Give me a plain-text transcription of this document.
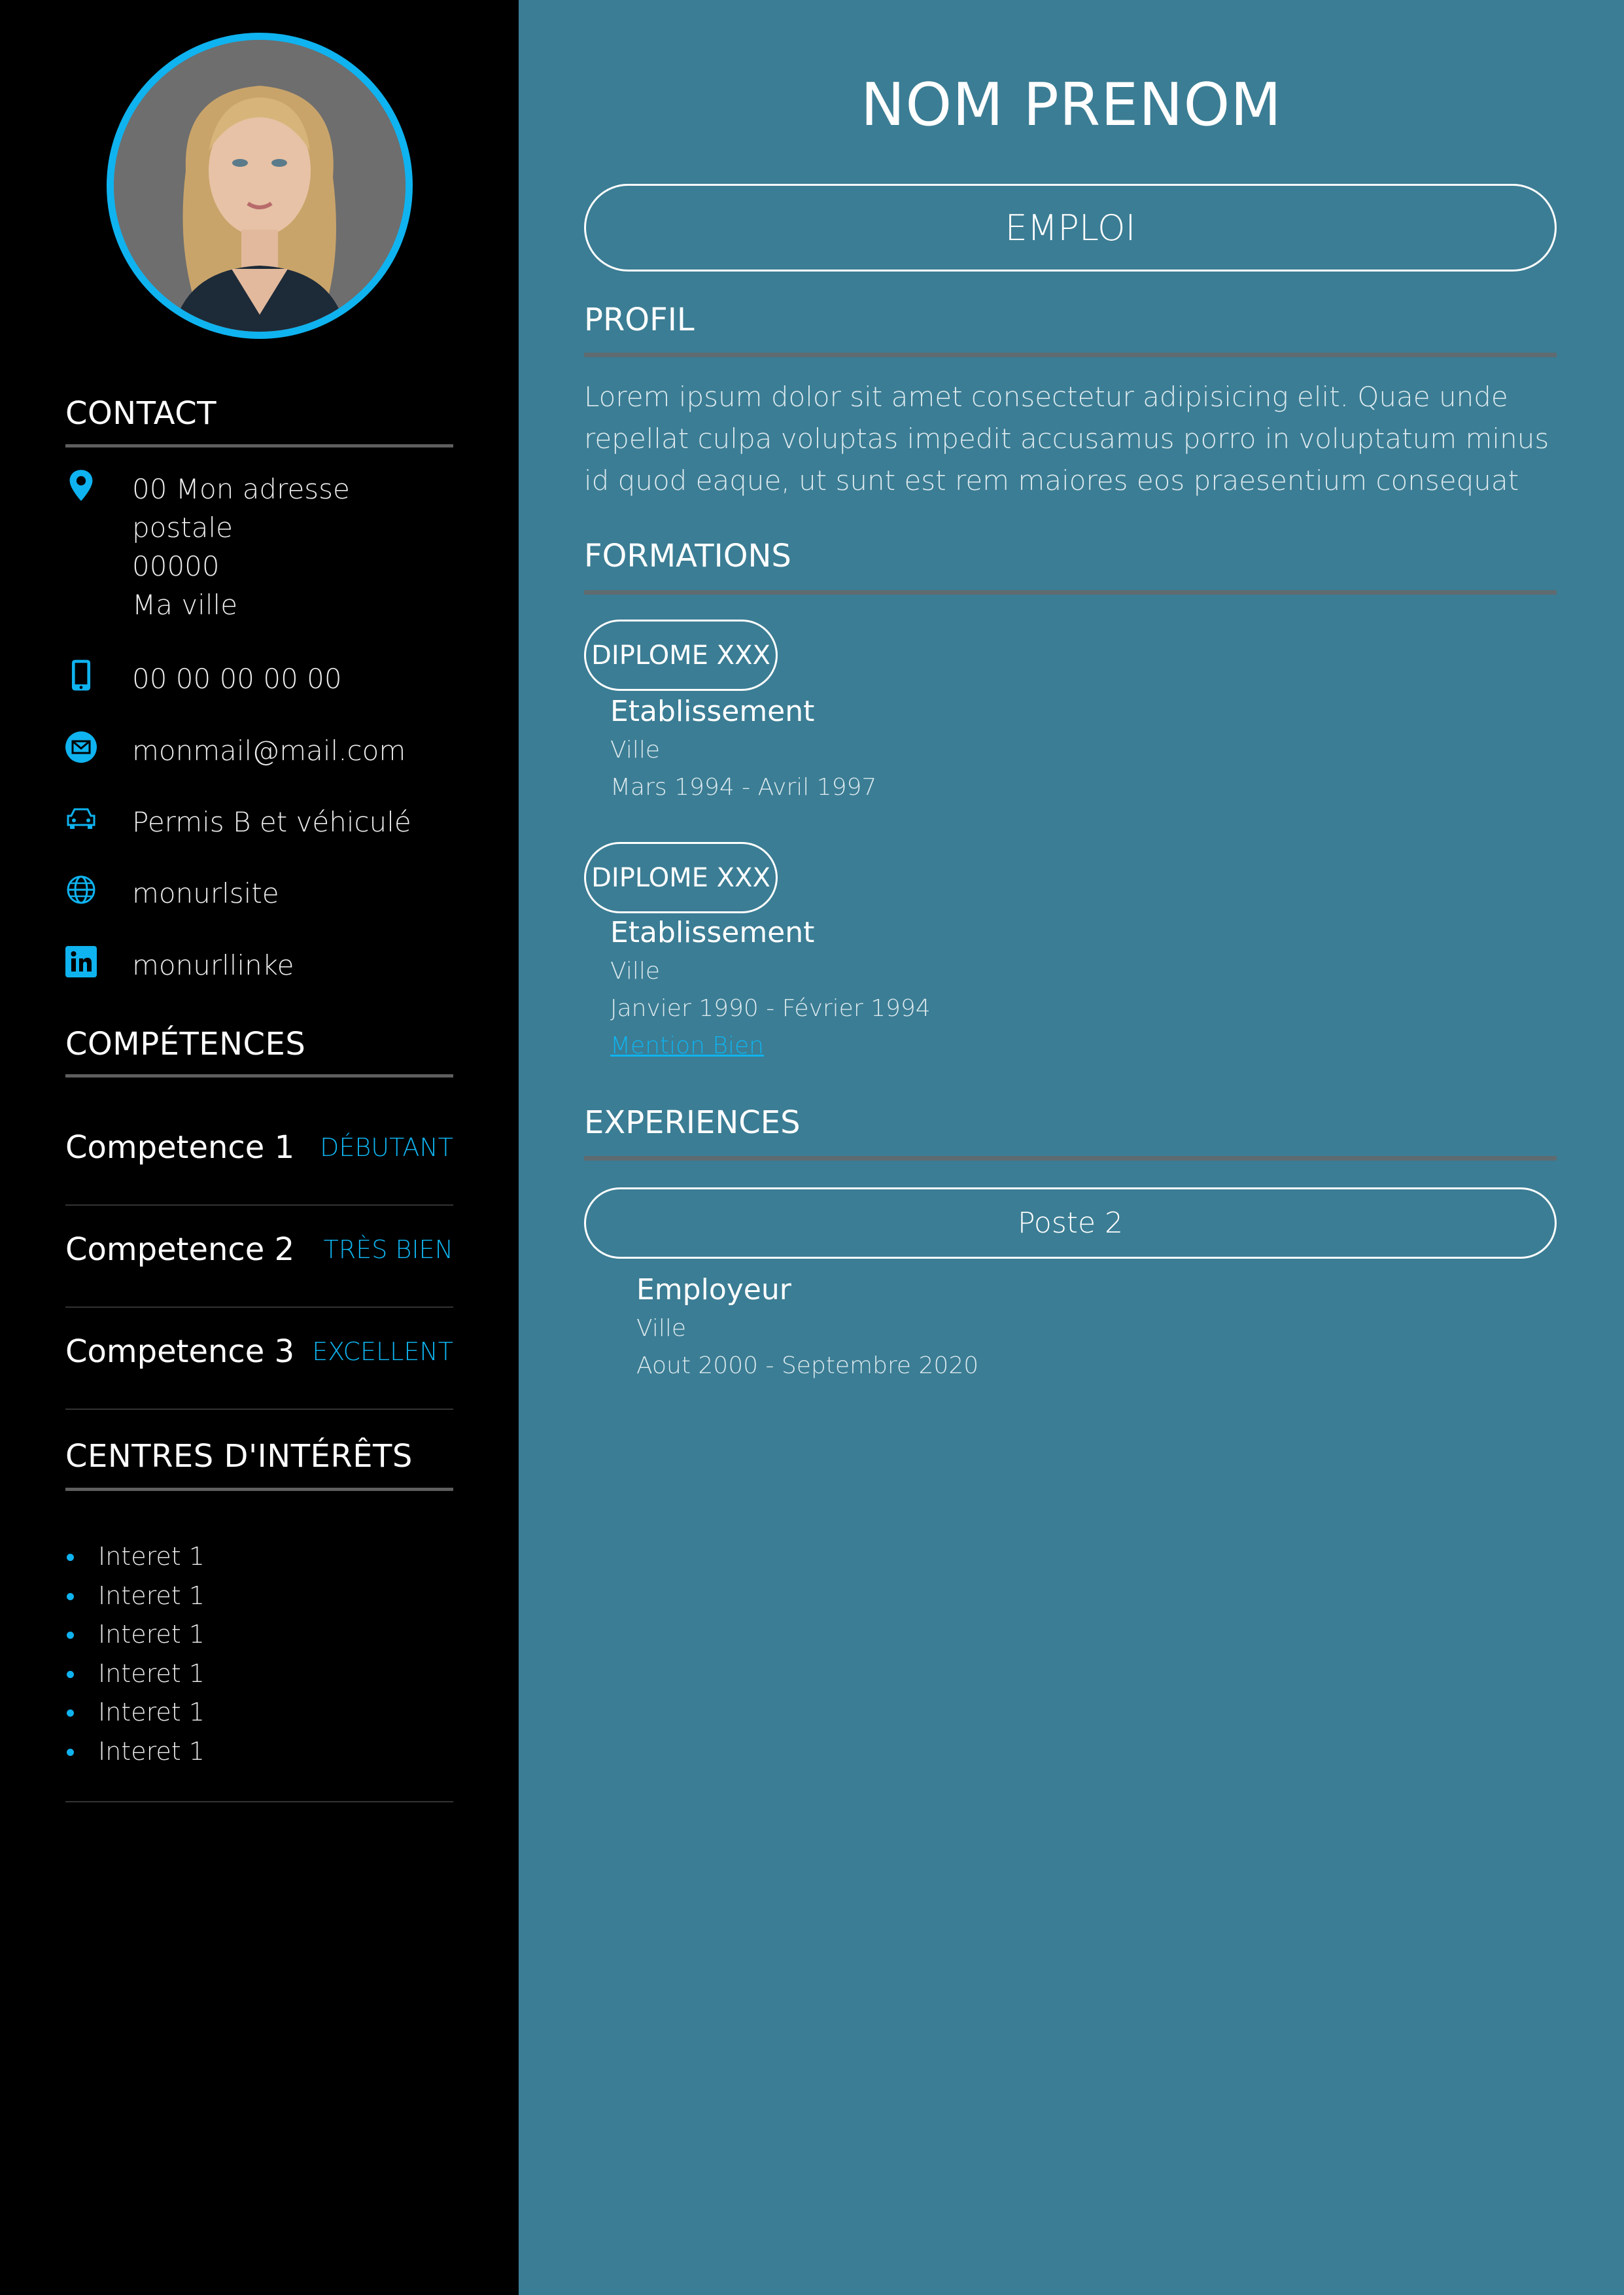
CONTACT
00 Mon adresse
postale
00000
Ma ville
00 00 00 00 00
monmail@mail.com
Permis B et véhiculé
monurlsite
monurllinke
COMPÉTENCES
Competence 1 DÉBUTANT
Competence 2 TRÈS BIEN
Competence 3 EXCELLENT
CENTRES D'INTÉRÊTS
Interet 1
Interet 1
Interet 1
Interet 1
Interet 1
Interet 1
NOM PRENOM
EMPLOI
PROFIL
Lorem ipsum dolor sit amet consectetur adipisicing elit. Quae unde repellat culpa voluptas impedit accusamus porro in voluptatum minus id quod eaque, ut sunt est rem maiores eos praesentium consequat
FORMATIONS
DIPLOME XXX
Etablissement
Ville
Mars 1994 - Avril 1997
DIPLOME XXX
Etablissement
Ville
Janvier 1990 - Février 1994
Mention Bien
EXPERIENCES
Poste 2
Employeur
Ville
Aout 2000 - Septembre 2020
